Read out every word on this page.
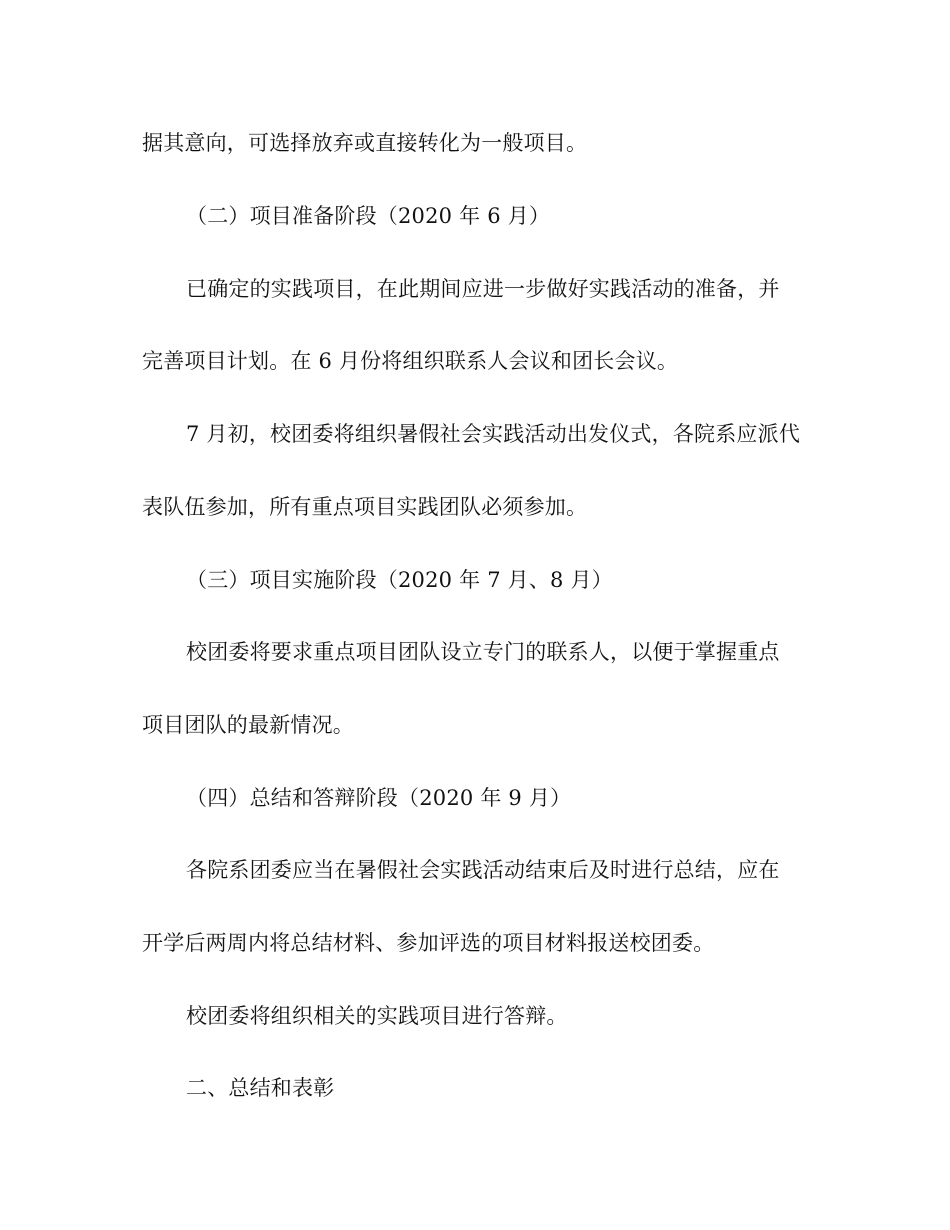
据其意向，可选择放弃或直接转化为一般项目。
（二）项目准备阶段（2020 年 6 月）
已确定的实践项目，在此期间应进一步做好实践活动的准备，并
完善项目计划。在 6 月份将组织联系人会议和团长会议。
7 月初，校团委将组织暑假社会实践活动出发仪式，各院系应派代
表队伍参加，所有重点项目实践团队必须参加。
（三）项目实施阶段（2020 年 7 月、8 月）
校团委将要求重点项目团队设立专门的联系人，以便于掌握重点
项目团队的最新情况。
（四）总结和答辩阶段（2020 年 9 月）
各院系团委应当在暑假社会实践活动结束后及时进行总结，应在
开学后两周内将总结材料、参加评选的项目材料报送校团委。
校团委将组织相关的实践项目进行答辩。
二、总结和表彰
